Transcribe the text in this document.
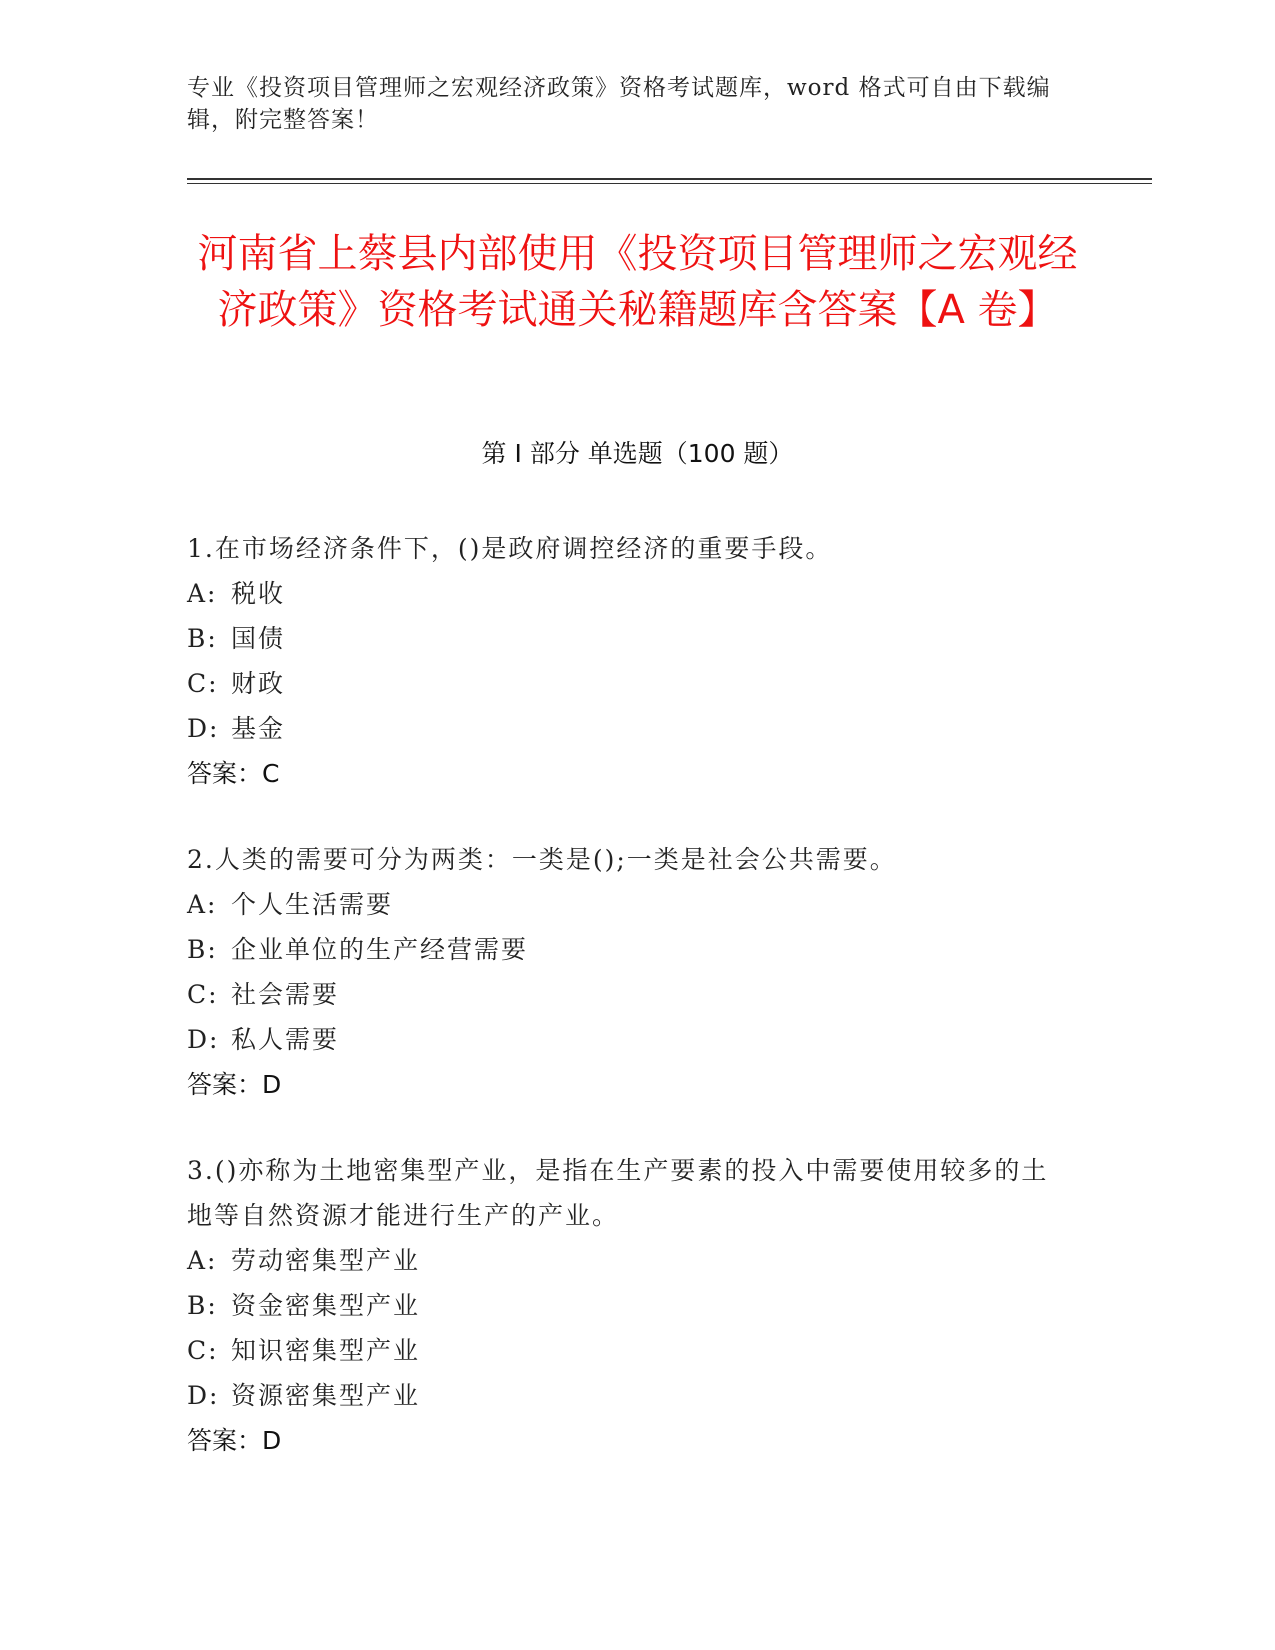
专业《投资项目管理师之宏观经济政策》资格考试题库，word 格式可自由下载编辑，附完整答案！
河南省上蔡县内部使用《投资项目管理师之宏观经济政策》资格考试通关秘籍题库含答案【A 卷】
第 I 部分 单选题（100 题）
1.在市场经济条件下，()是政府调控经济的重要手段。
A: 税收
B: 国债
C: 财政
D: 基金
答案：C
2.人类的需要可分为两类：一类是();一类是社会公共需要。
A: 个人生活需要
B: 企业单位的生产经营需要
C: 社会需要
D: 私人需要
答案：D
3.()亦称为土地密集型产业，是指在生产要素的投入中需要使用较多的土地等自然资源才能进行生产的产业。
A: 劳动密集型产业
B: 资金密集型产业
C: 知识密集型产业
D: 资源密集型产业
答案：D
